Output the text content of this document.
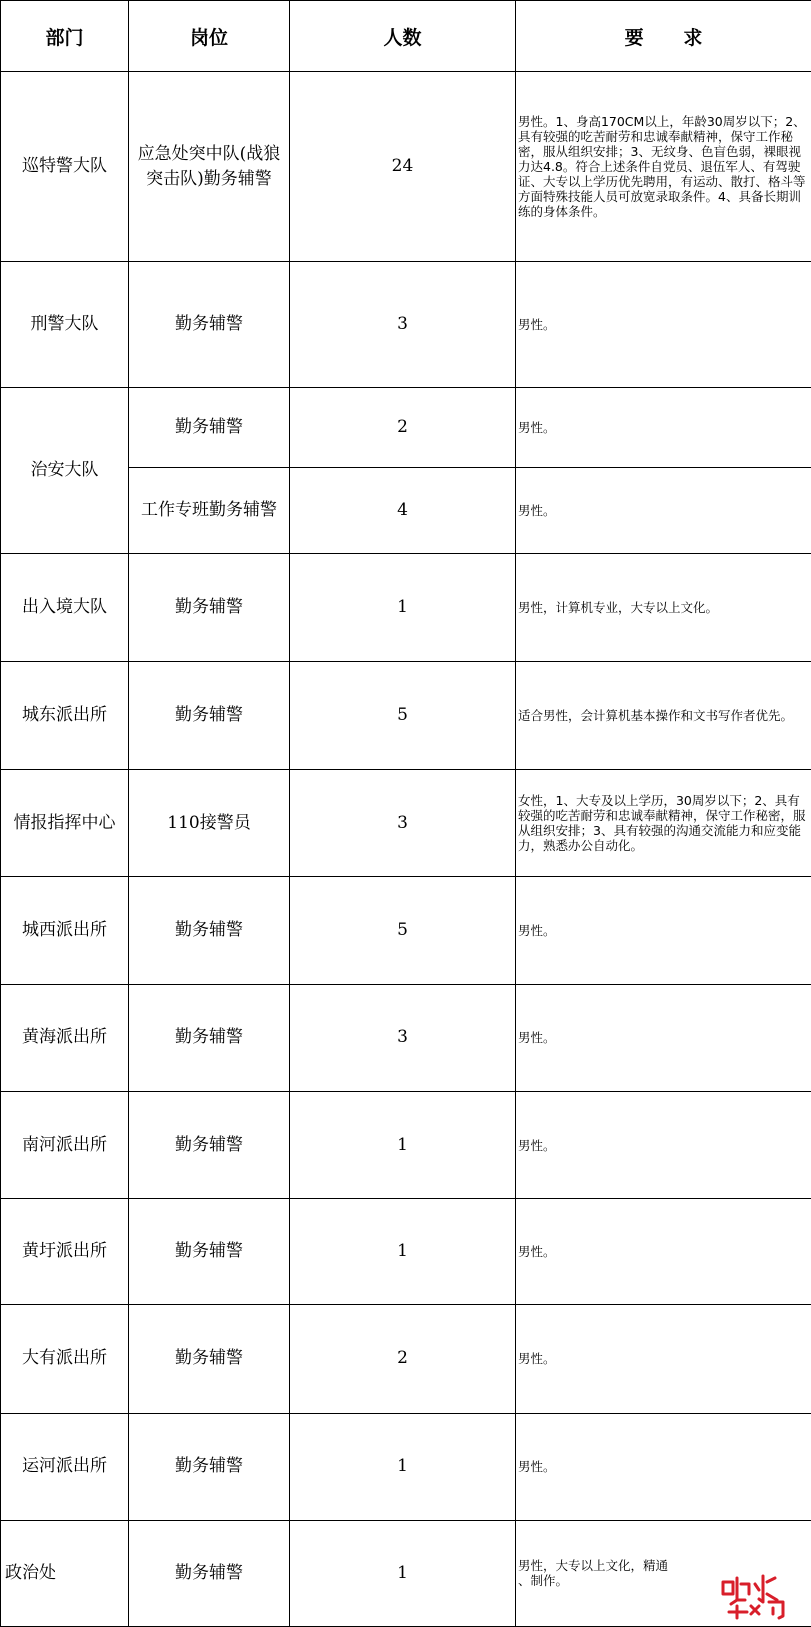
部门	岗位	人数	要      求
巡特警大队	应急处突中队(战狼突击队)勤务辅警	24	男性。1、身高170CM以上，年龄30周岁以下；2、具有较强的吃苦耐劳和忠诚奉献精神，保守工作秘密，服从组织安排；3、无纹身、色盲色弱，裸眼视力达4.8。符合上述条件自党员、退伍军人、有驾驶证、大专以上学历优先聘用，有运动、散打、格斗等方面特殊技能人员可放宽录取条件。4、具备长期训练的身体条件。
刑警大队	勤务辅警	3	男性。
治安大队	勤务辅警	2	男性。
	工作专班勤务辅警	4	男性。
出入境大队	勤务辅警	1	男性，计算机专业，大专以上文化。
城东派出所	勤务辅警	5	适合男性，会计算机基本操作和文书写作者优先。
情报指挥中心	110接警员	3	女性，1、大专及以上学历，30周岁以下；2、具有较强的吃苦耐劳和忠诚奉献精神，保守工作秘密，服从组织安排；3、具有较强的沟通交流能力和应变能力，熟悉办公自动化。
城西派出所	勤务辅警	5	男性。
黄海派出所	勤务辅警	3	男性。
南河派出所	勤务辅警	1	男性。
黄圩派出所	勤务辅警	1	男性。
大有派出所	勤务辅警	2	男性。
运河派出所	勤务辅警	1	男性。
政治处	勤务辅警	1	男性，大专以上文化，精通
、制作。
